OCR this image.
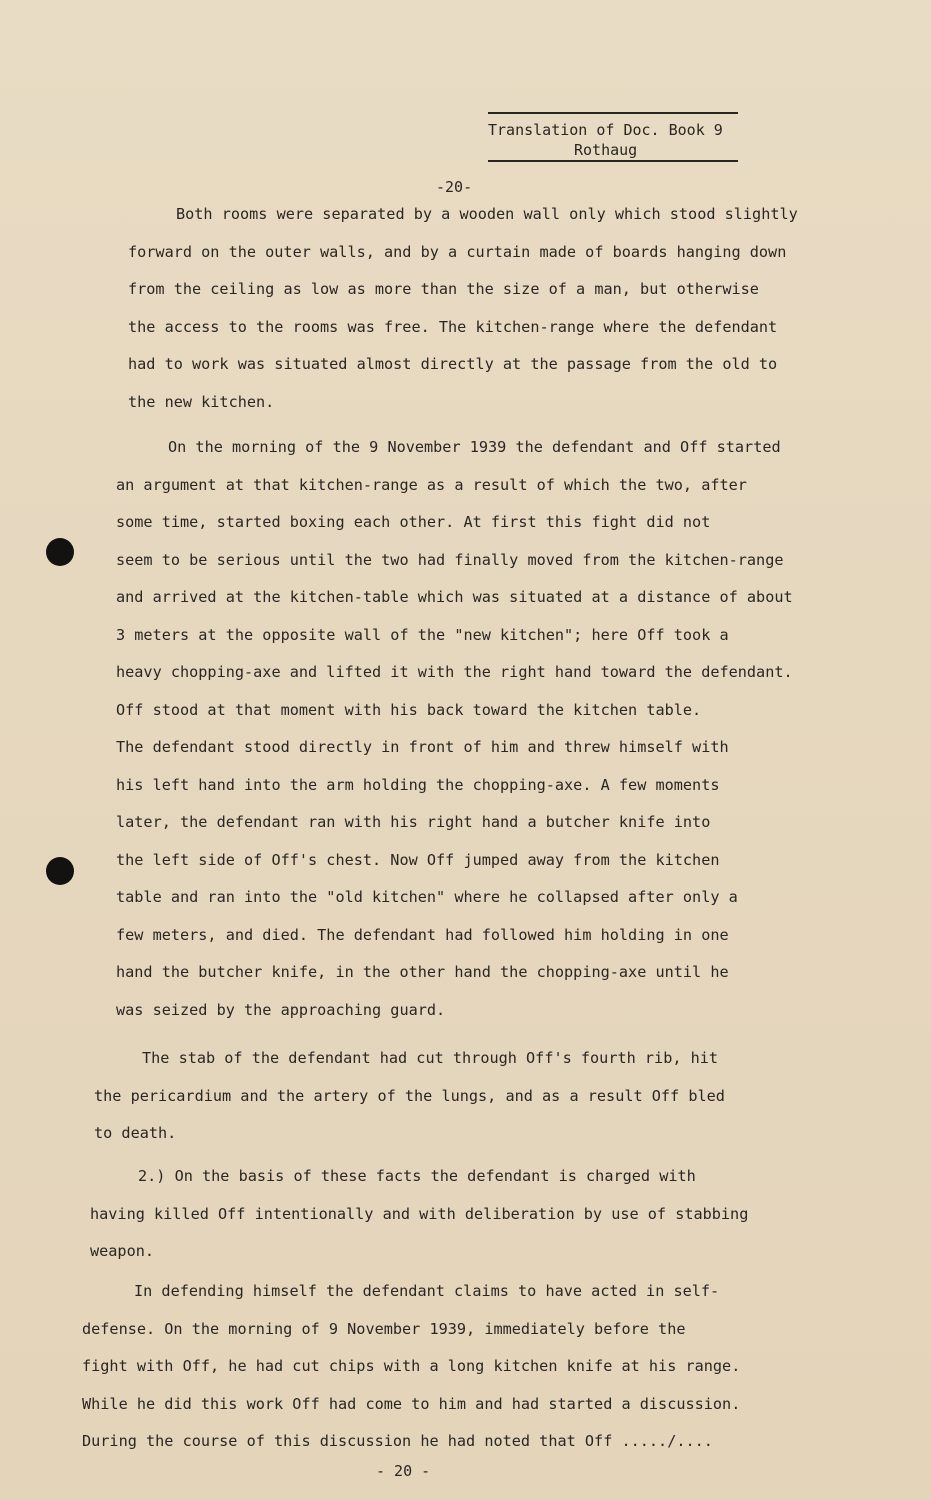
Translation of Doc. Book 9
Rothaug
-20-
Both rooms were separated by a wooden wall only which stood slightly
forward on the outer walls, and by a curtain made of boards hanging down
from the ceiling as low as more than the size of a man, but otherwise
the access to the rooms was free. The kitchen-range where the defendant
had to work was situated almost directly at the passage from the old to
the new kitchen.
On the morning of the 9 November 1939 the defendant and Off started
an argument at that kitchen-range as a result of which the two, after
some time, started boxing each other. At first this fight did not
seem to be serious until the two had finally moved from the kitchen-range
and arrived at the kitchen-table which was situated at a distance of about
3 meters at the opposite wall of the "new kitchen"; here Off took a
heavy chopping-axe and lifted it with the right hand toward the defendant.
Off stood at that moment with his back toward the kitchen table.
The defendant stood directly in front of him and threw himself with
his left hand into the arm holding the chopping-axe. A few moments
later, the defendant ran with his right hand a butcher knife into
the left side of Off's chest. Now Off jumped away from the kitchen
table and ran into the "old kitchen" where he collapsed after only a
few meters, and died. The defendant had followed him holding in one
hand the butcher knife, in the other hand the chopping-axe until he
was seized by the approaching guard.
The stab of the defendant had cut through Off's fourth rib, hit
the pericardium and the artery of the lungs, and as a result Off bled
to death.
2.) On the basis of these facts the defendant is charged with
having killed Off intentionally and with deliberation by use of stabbing
weapon.
In defending himself the defendant claims to have acted in self-
defense. On the morning of 9 November 1939, immediately before the
fight with Off, he had cut chips with a long kitchen knife at his range.
While he did this work Off had come to him and had started a discussion.
During the course of this discussion he had noted that Off ...../....
- 20 -
